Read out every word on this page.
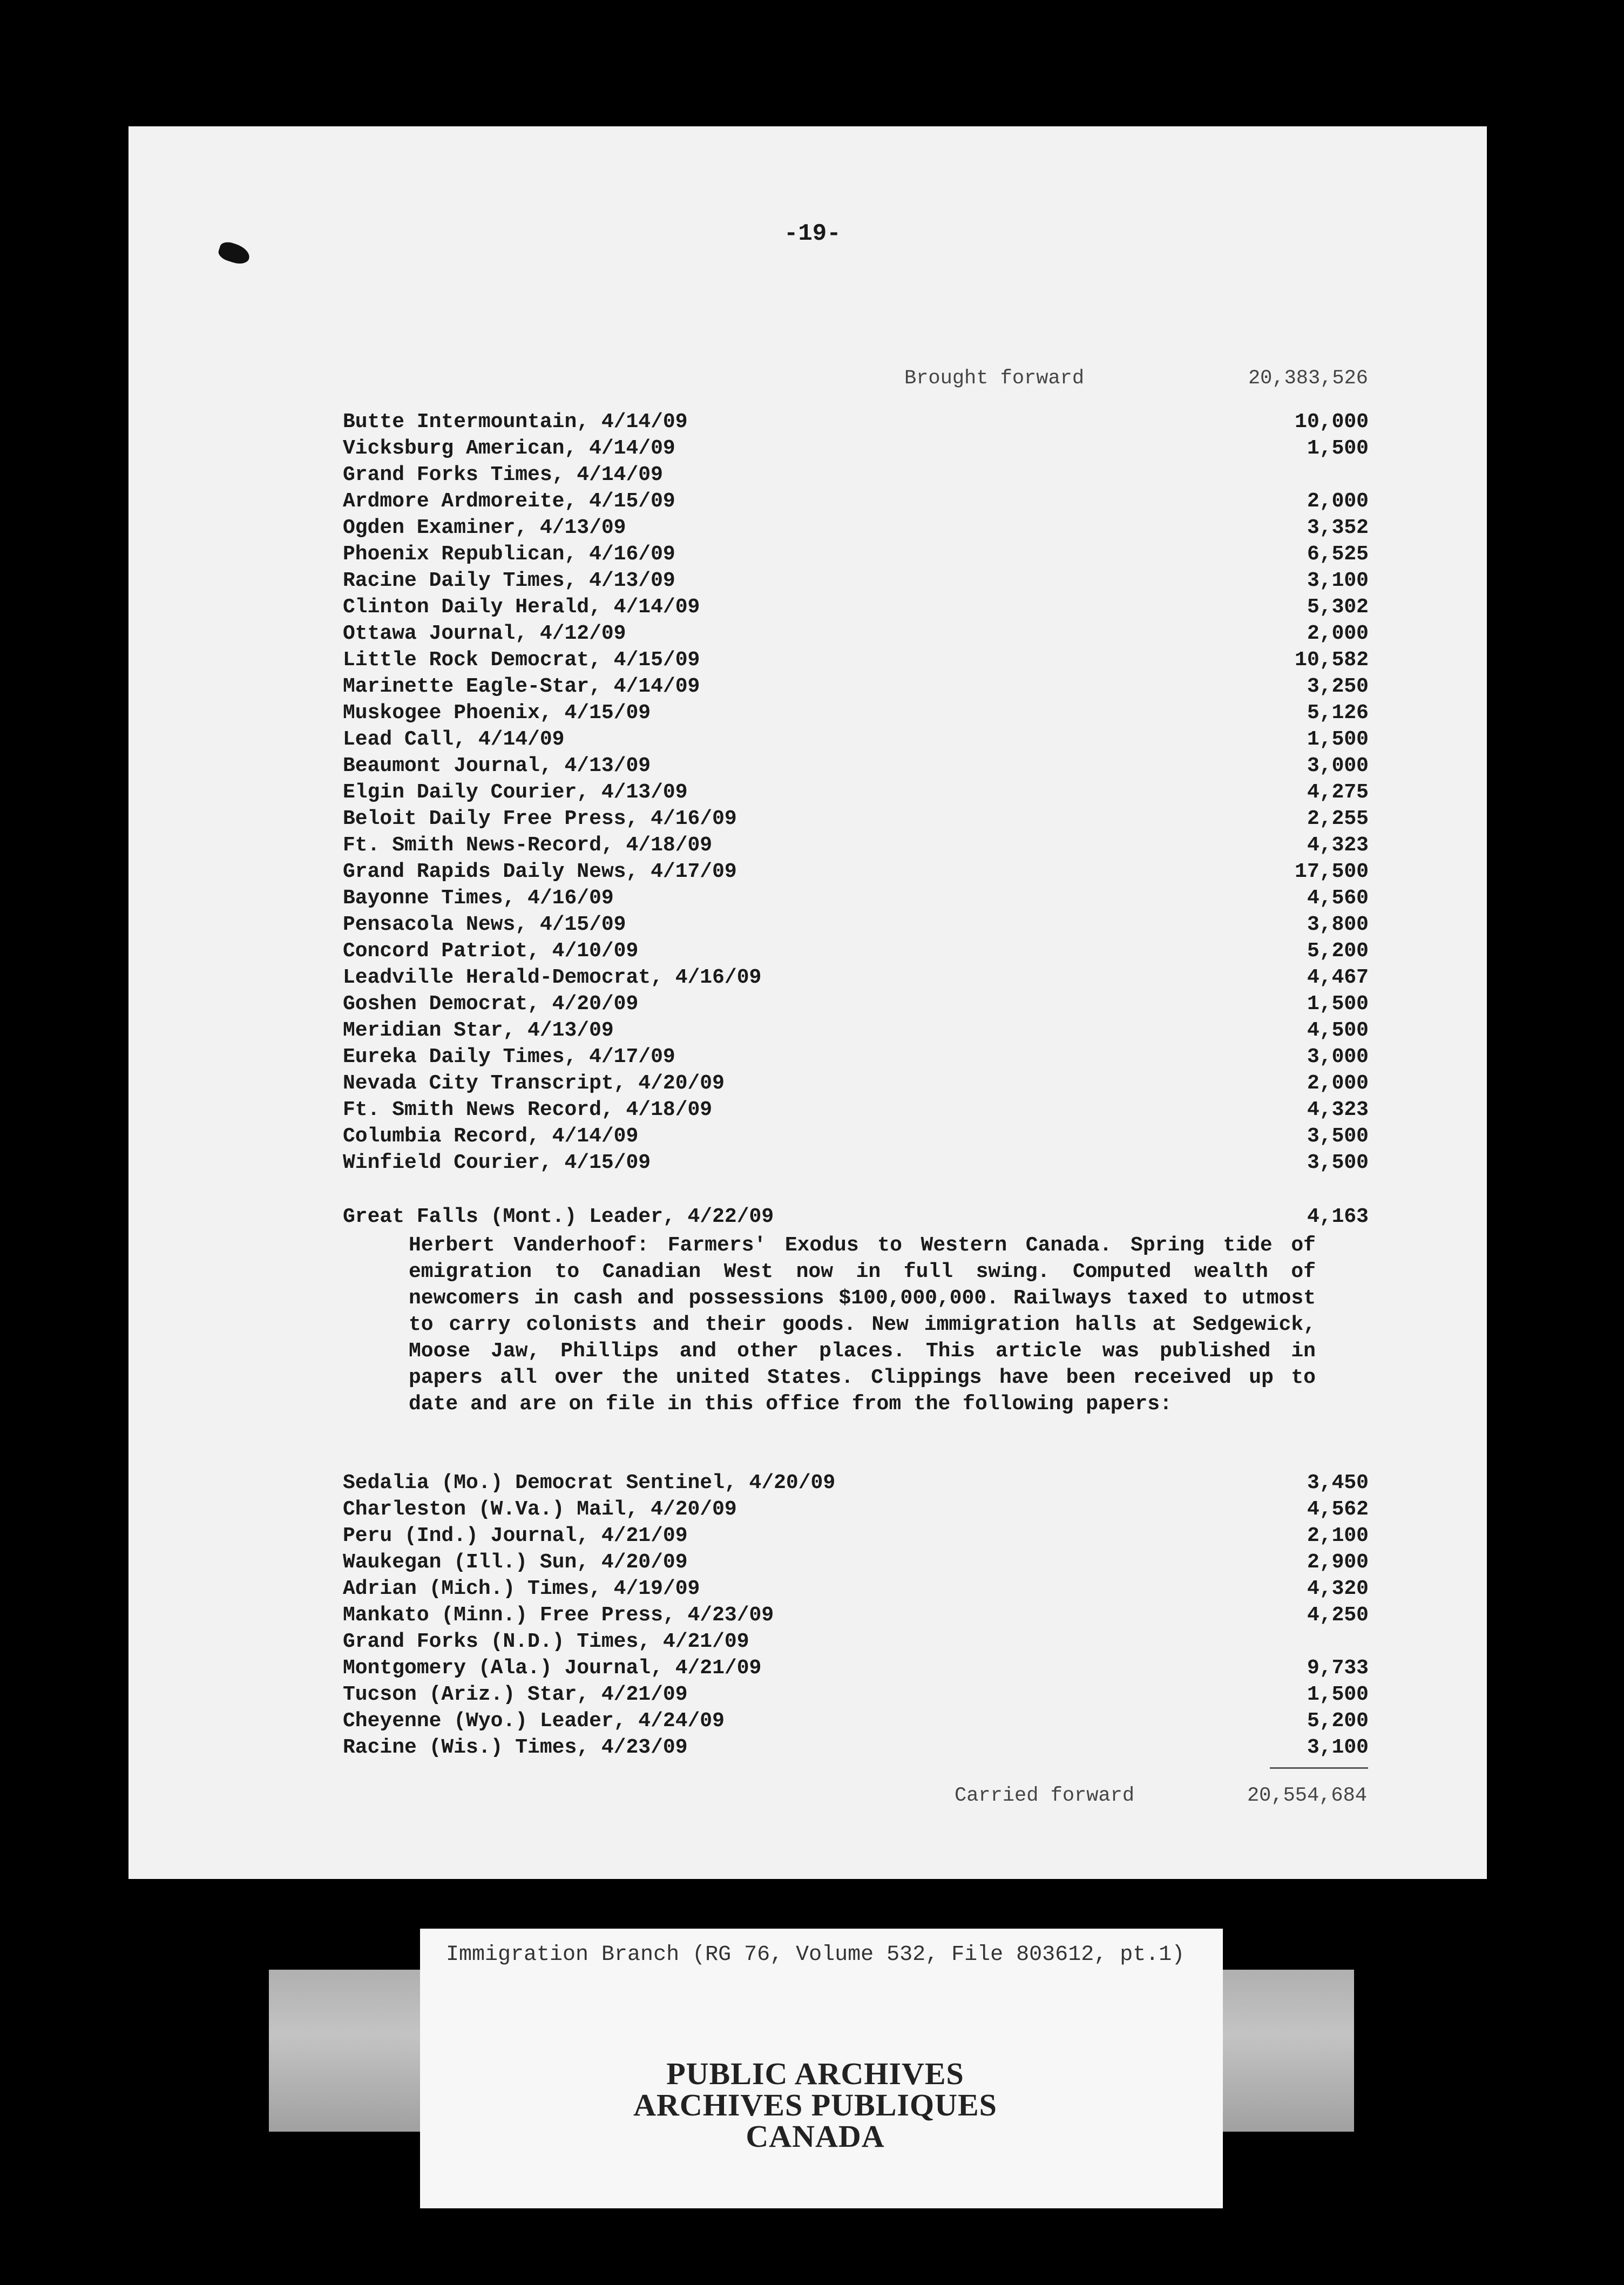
-19-
Brought forward	20,383,526
Butte Intermountain, 4/14/09	10,000
Vicksburg American, 4/14/09	1,500
Grand Forks Times, 4/14/09
Ardmore Ardmoreite, 4/15/09	2,000
Ogden Examiner, 4/13/09	3,352
Phoenix Republican, 4/16/09	6,525
Racine Daily Times, 4/13/09	3,100
Clinton Daily Herald, 4/14/09	5,302
Ottawa Journal, 4/12/09	2,000
Little Rock Democrat, 4/15/09	10,582
Marinette Eagle-Star, 4/14/09	3,250
Muskogee Phoenix, 4/15/09	5,126
Lead Call, 4/14/09	1,500
Beaumont Journal, 4/13/09	3,000
Elgin Daily Courier, 4/13/09	4,275
Beloit Daily Free Press, 4/16/09	2,255
Ft. Smith News-Record, 4/18/09	4,323
Grand Rapids Daily News, 4/17/09	17,500
Bayonne Times, 4/16/09	4,560
Pensacola News, 4/15/09	3,800
Concord Patriot, 4/10/09	5,200
Leadville Herald-Democrat, 4/16/09	4,467
Goshen Democrat, 4/20/09	1,500
Meridian Star, 4/13/09	4,500
Eureka Daily Times, 4/17/09	3,000
Nevada City Transcript, 4/20/09	2,000
Ft. Smith News Record, 4/18/09	4,323
Columbia Record, 4/14/09	3,500
Winfield Courier, 4/15/09	3,500
Great Falls (Mont.) Leader, 4/22/09	4,163

Herbert Vanderhoof: Farmers' Exodus to Western Canada. Spring tide of emigration to Canadian West now in full swing. Computed wealth of newcomers in cash and possessions $100,000,000. Railways taxed to utmost to carry colonists and their goods. New immigration halls at Sedgewick, Moose Jaw, Phillips and other places. This article was published in papers all over the united States. Clippings have been received up to date and are on file in this office from the following papers:

Sedalia (Mo.) Democrat Sentinel, 4/20/09	3,450
Charleston (W.Va.) Mail, 4/20/09	4,562
Peru (Ind.) Journal, 4/21/09	2,100
Waukegan (Ill.) Sun, 4/20/09	2,900
Adrian (Mich.) Times, 4/19/09	4,320
Mankato (Minn.) Free Press, 4/23/09	4,250
Grand Forks (N.D.) Times, 4/21/09
Montgomery (Ala.) Journal, 4/21/09	9,733
Tucson (Ariz.) Star, 4/21/09	1,500
Cheyenne (Wyo.) Leader, 4/24/09	5,200
Racine (Wis.) Times, 4/23/09	3,100
Carried forward	20,554,684
Immigration Branch (RG 76, Volume 532, File 803612, pt.1)
PUBLIC ARCHIVES
ARCHIVES PUBLIQUES
CANADA
